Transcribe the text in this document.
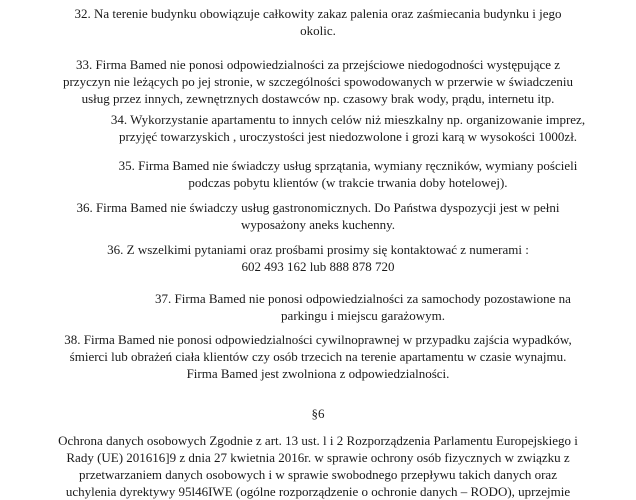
32. Na terenie budynku obowiązuje całkowity zakaz palenia oraz zaśmiecania budynku i jego
okolic.
33. Firma Bamed nie ponosi odpowiedzialności za przejściowe niedogodności występujące z
przyczyn nie leżących po jej stronie, w szczególności spowodowanych w przerwie w świadczeniu
usług przez innych, zewnętrznych dostawców np. czasowy brak wody, prądu, internetu itp.
34. Wykorzystanie apartamentu to innych celów niż mieszkalny np. organizowanie imprez,
przyjęć towarzyskich , uroczystości jest niedozwolone i grozi karą w wysokości 1000zł.
35. Firma Bamed nie świadczy usług sprzątania, wymiany ręczników, wymiany pościeli
podczas pobytu klientów (w trakcie trwania doby hotelowej).
36. Firma Bamed nie świadczy usług gastronomicznych. Do Państwa dyspozycji jest w pełni
wyposażony aneks kuchenny.
36. Z wszelkimi pytaniami oraz prośbami prosimy się kontaktować z numerami :
602 493 162 lub 888 878 720
37. Firma Bamed nie ponosi odpowiedzialności za samochody pozostawione na
parkingu i miejscu garażowym.
38. Firma Bamed nie ponosi odpowiedzialności cywilnoprawnej w przypadku zajścia wypadków,
śmierci lub obrażeń ciała klientów czy osób trzecich na terenie apartamentu w czasie wynajmu.
Firma Bamed jest zwolniona z odpowiedzialności.
§6
Ochrona danych osobowych Zgodnie z art. 13 ust. l i 2 Rozporządzenia Parlamentu Europejskiego i
Rady (UE) 201616]9 z dnia 27 kwietnia 2016r. w sprawie ochrony osób fizycznych w związku z
przetwarzaniem danych osobowych i w sprawie swobodnego przepływu takich danych oraz
uchylenia dyrektywy 95l46IWE (ogólne rozporządzenie o ochronie danych – RODO), uprzejmie
